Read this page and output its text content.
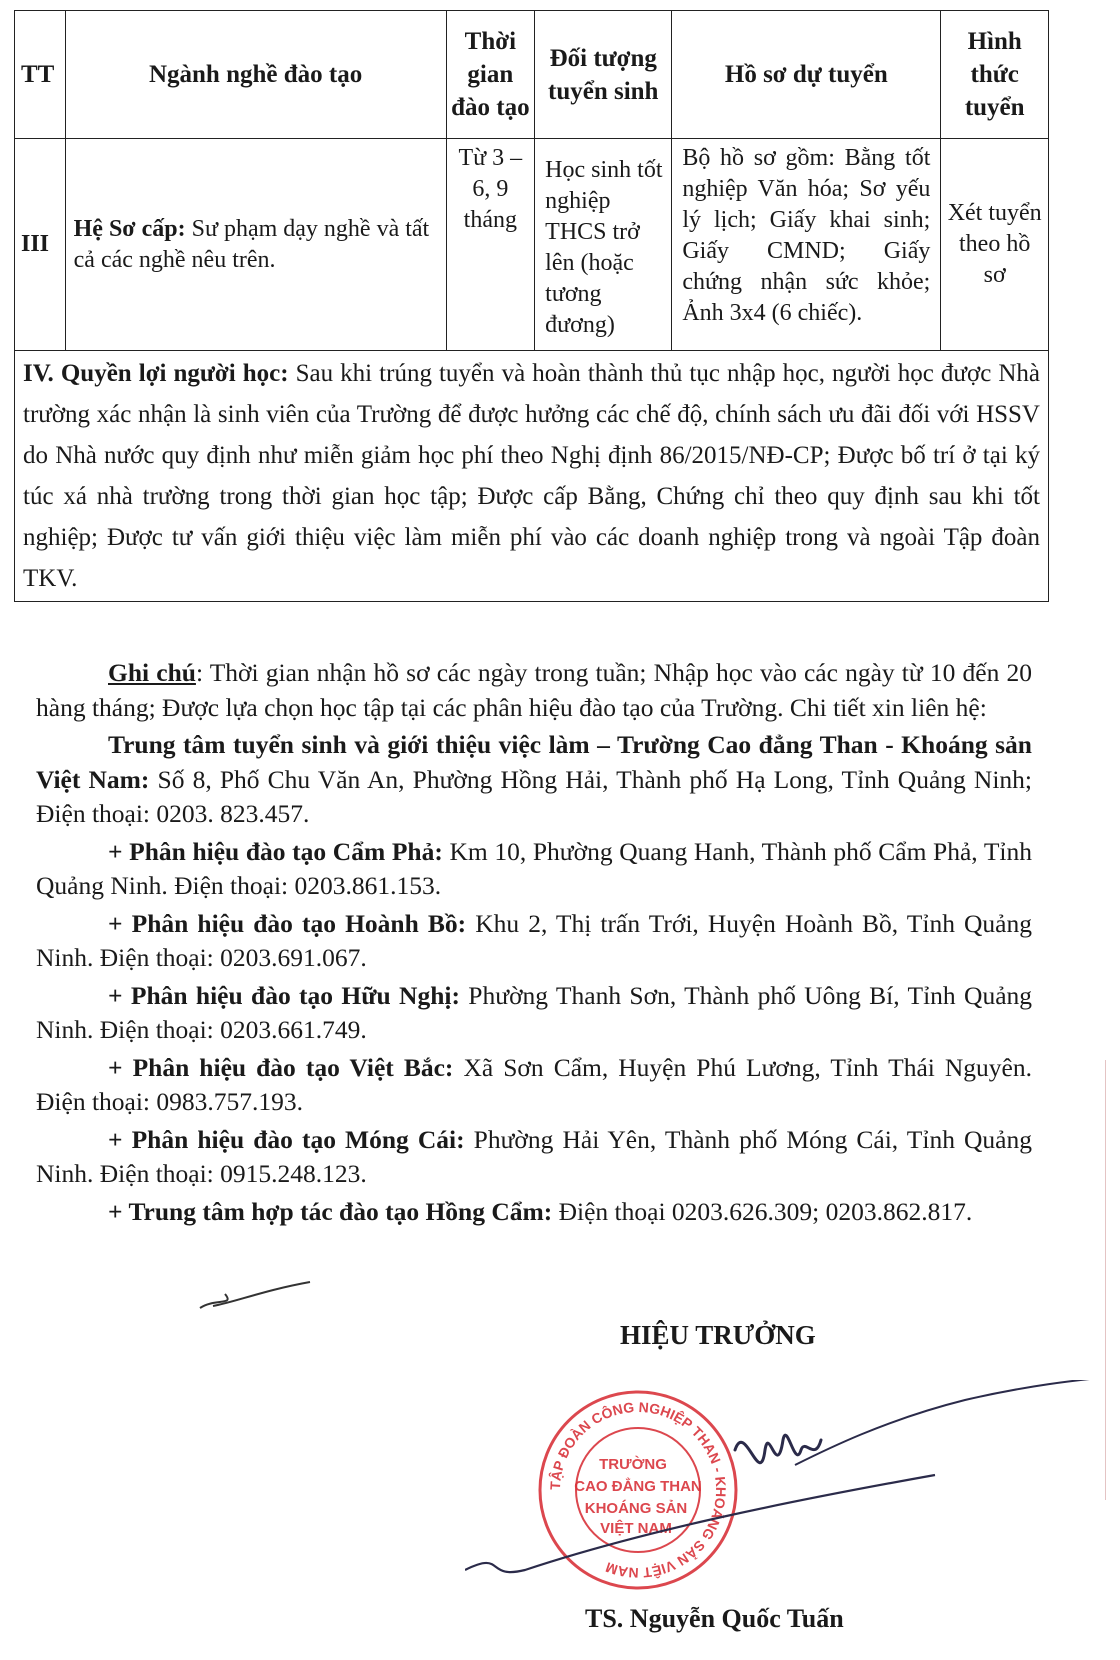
TT	Ngành nghề đào tạo	Thời gian đào tạo	Đối tượng tuyển sinh	Hồ sơ dự tuyển	Hình thức tuyển
III	Hệ Sơ cấp: Sư phạm dạy nghề và tất cả các nghề nêu trên.	Từ 3 – 6, 9 tháng	Học sinh tốt nghiệp THCS trở lên (hoặc tương đương)	Bộ hồ sơ gồm: Bằng tốt nghiệp Văn hóa; Sơ yếu lý lịch; Giấy khai sinh; Giấy CMND; Giấy chứng nhận sức khỏe; Ảnh 3x4 (6 chiếc).	Xét tuyển theo hồ sơ
IV. Quyền lợi người học: Sau khi trúng tuyển và hoàn thành thủ tục nhập học, người học được Nhà trường xác nhận là sinh viên của Trường để được hưởng các chế độ, chính sách ưu đãi đối với HSSV do Nhà nước quy định như miễn giảm học phí theo Nghị định 86/2015/NĐ-CP; Được bố trí ở tại ký túc xá nhà trường trong thời gian học tập; Được cấp Bằng, Chứng chỉ theo quy định sau khi tốt nghiệp; Được tư vấn giới thiệu việc làm miễn phí vào các doanh nghiệp trong và ngoài Tập đoàn TKV.					

Ghi chú: Thời gian nhận hồ sơ các ngày trong tuần; Nhập học vào các ngày từ 10 đến 20 hàng tháng; Được lựa chọn học tập tại các phân hiệu đào tạo của Trường. Chi tiết xin liên hệ:

Trung tâm tuyển sinh và giới thiệu việc làm – Trường Cao đẳng Than - Khoáng sản Việt Nam: Số 8, Phố Chu Văn An, Phường Hồng Hải, Thành phố Hạ Long, Tỉnh Quảng Ninh; Điện thoại: 0203. 823.457.

+ Phân hiệu đào tạo Cẩm Phả: Km 10, Phường Quang Hanh, Thành phố Cẩm Phả, Tỉnh Quảng Ninh. Điện thoại: 0203.861.153.

+ Phân hiệu đào tạo Hoành Bồ: Khu 2, Thị trấn Trới, Huyện Hoành Bồ, Tỉnh Quảng Ninh. Điện thoại: 0203.691.067.

+ Phân hiệu đào tạo Hữu Nghị: Phường Thanh Sơn, Thành phố Uông Bí, Tỉnh Quảng Ninh. Điện thoại: 0203.661.749.

+ Phân hiệu đào tạo Việt Bắc: Xã Sơn Cẩm, Huyện Phú Lương, Tỉnh Thái Nguyên. Điện thoại: 0983.757.193.

+ Phân hiệu đào tạo Móng Cái: Phường Hải Yên, Thành phố Móng Cái, Tỉnh Quảng Ninh. Điện thoại: 0915.248.123.

+ Trung tâm hợp tác đào tạo Hồng Cẩm: Điện thoại 0203.626.309; 0203.862.817.

HIỆU TRƯỞNG
TẬP ĐOÀN CÔNG NGHIỆP THAN - KHOÁNG SẢN VIỆT NAM
TRƯỜNG
CAO ĐẲNG THAN
KHOÁNG SẢN
VIỆT NAM
TS. Nguyễn Quốc Tuấn
